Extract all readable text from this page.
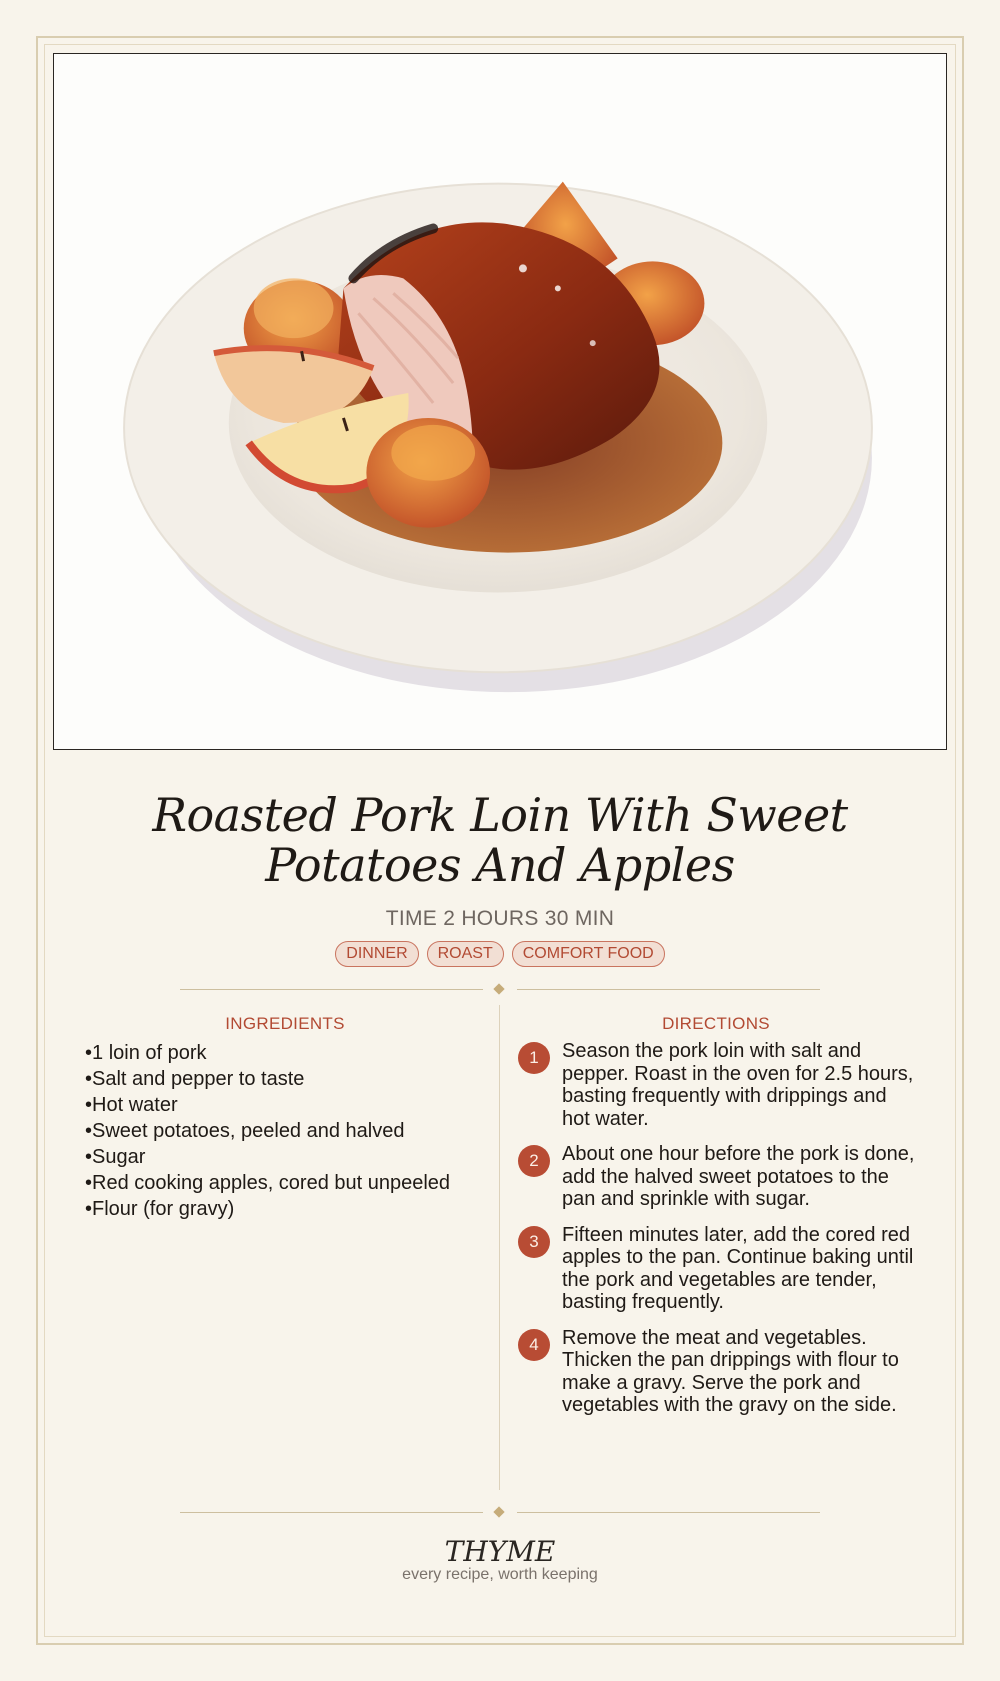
Roasted Pork Loin With Sweet Potatoes And Apples
TIME 2 HOURS 30 MIN
DINNER	ROAST	COMFORT FOOD
INGREDIENTS	DIRECTIONS
• 1 loin of pork
• Salt and pepper to taste
• Hot water
• Sweet potatoes, peeled and halved
• Sugar
• Red cooking apples, cored but unpeeled
• Flour (for gravy)
1	Season the pork loin with salt and pepper. Roast in the oven for 2.5 hours, basting frequently with drippings and hot water.
2	About one hour before the pork is done, add the halved sweet potatoes to the pan and sprinkle with sugar.
3	Fifteen minutes later, add the cored red apples to the pan. Continue baking until the pork and vegetables are tender, basting frequently.
4	Remove the meat and vegetables. Thicken the pan drippings with flour to make a gravy. Serve the pork and vegetables with the gravy on the side.
THYME
every recipe, worth keeping
